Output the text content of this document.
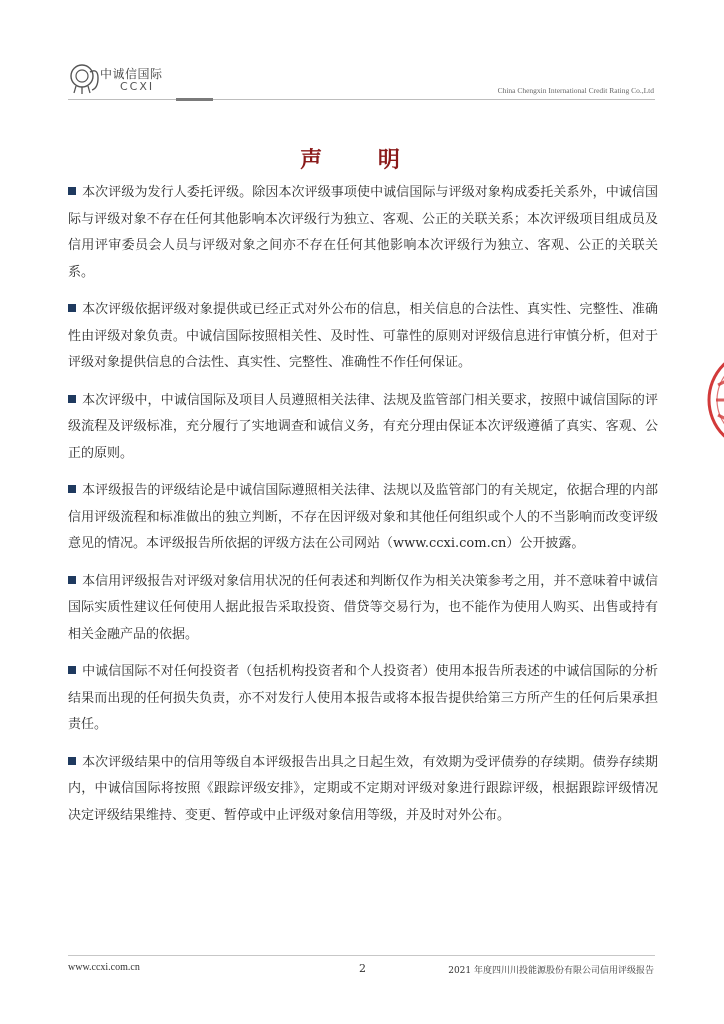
中诚信国际
CCXI	China Chengxin International Credit Rating Co.,Ltd
声 明

本次评级为发行人委托评级。除因本次评级事项使中诚信国际与评级对象构成委托关系外，中诚信国际与评级对象不存在任何其他影响本次评级行为独立、客观、公正的关联关系；本次评级项目组成员及信用评审委员会人员与评级对象之间亦不存在任何其他影响本次评级行为独立、客观、公正的关联关系。

本次评级依据评级对象提供或已经正式对外公布的信息，相关信息的合法性、真实性、完整性、准确性由评级对象负责。中诚信国际按照相关性、及时性、可靠性的原则对评级信息进行审慎分析，但对于评级对象提供信息的合法性、真实性、完整性、准确性不作任何保证。

本次评级中，中诚信国际及项目人员遵照相关法律、法规及监管部门相关要求，按照中诚信国际的评级流程及评级标准，充分履行了实地调查和诚信义务，有充分理由保证本次评级遵循了真实、客观、公正的原则。

本评级报告的评级结论是中诚信国际遵照相关法律、法规以及监管部门的有关规定，依据合理的内部信用评级流程和标准做出的独立判断，不存在因评级对象和其他任何组织或个人的不当影响而改变评级意见的情况。本评级报告所依据的评级方法在公司网站（www.ccxi.com.cn）公开披露。

本信用评级报告对评级对象信用状况的任何表述和判断仅作为相关决策参考之用，并不意味着中诚信国际实质性建议任何使用人据此报告采取投资、借贷等交易行为，也不能作为使用人购买、出售或持有相关金融产品的依据。

中诚信国际不对任何投资者（包括机构投资者和个人投资者）使用本报告所表述的中诚信国际的分析结果而出现的任何损失负责，亦不对发行人使用本报告或将本报告提供给第三方所产生的任何后果承担责任。

本次评级结果中的信用等级自本评级报告出具之日起生效，有效期为受评债券的存续期。债券存续期内，中诚信国际将按照《跟踪评级安排》，定期或不定期对评级对象进行跟踪评级，根据跟踪评级情况决定评级结果维持、变更、暂停或中止评级对象信用等级，并及时对外公布。

www.ccxi.com.cn	2	2021 年度四川川投能源股份有限公司信用评级报告
